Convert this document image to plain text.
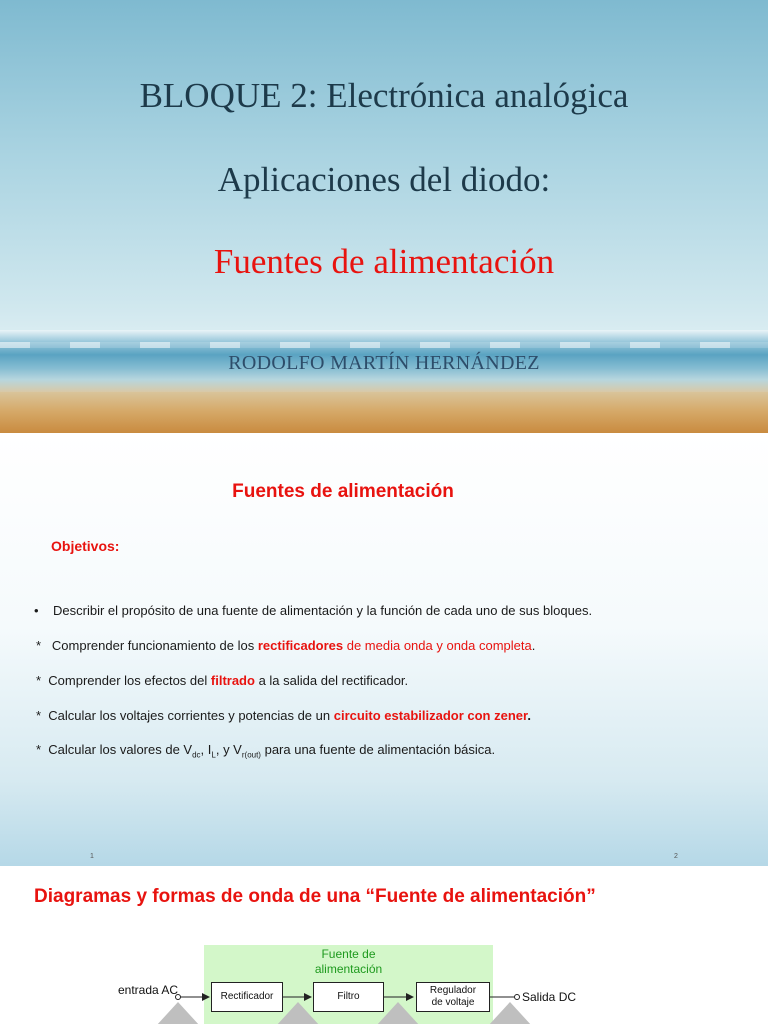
BLOQUE 2: Electrónica analógica
Aplicaciones del diodo:
Fuentes de alimentación
RODOLFO MARTÍN HERNÁNDEZ
Fuentes de alimentación
Objetivos:
• Describir el propósito de una fuente de alimentación y la función de cada uno de sus bloques.
* Comprender funcionamiento de los rectificadores de media onda y onda completa.
* Comprender los efectos del filtrado a la salida del rectificador.
* Calcular los voltajes corrientes y potencias de un circuito estabilizador con zener.
* Calcular los valores de $V_{dc}$, $I_L$, y $V_{r(out)}$ para una fuente de alimentación básica.
1	2
Diagramas y formas de onda de una “Fuente de alimentación”
Fuente de
alimentación
entrada AC	Salida DC
Rectificador	Filtro
Regulador
de voltaje
